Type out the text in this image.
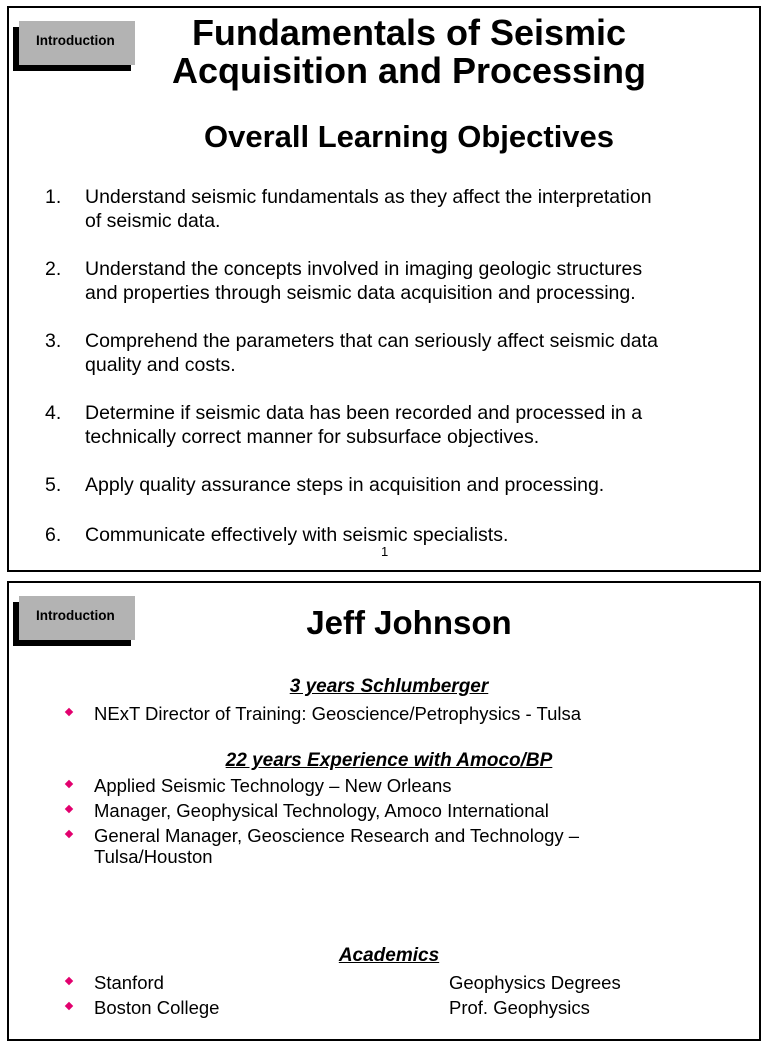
Introduction	Fundamentals of Seismic
Acquisition and Processing
Overall Learning Objectives
1.	Understand seismic fundamentals as they affect the interpretation
of seismic data.
2.	Understand the concepts involved in imaging geologic structures
and properties through seismic data acquisition and processing.
3.	Comprehend the parameters that can seriously affect seismic data
quality and costs.
4.	Determine if seismic data has been recorded and processed in a
technically correct manner for subsurface objectives.
5.	Apply quality assurance steps in acquisition and processing.
6.	Communicate effectively with seismic specialists.
1
Introduction	Jeff Johnson
3 years Schlumberger
NExT Director of Training: Geoscience/Petrophysics - Tulsa
22 years Experience with Amoco/BP
Applied Seismic Technology – New Orleans
Manager, Geophysical Technology, Amoco International
General Manager, Geoscience Research and Technology –
Tulsa/Houston
Academics
Stanford	Geophysics Degrees
Boston College	Prof. Geophysics
